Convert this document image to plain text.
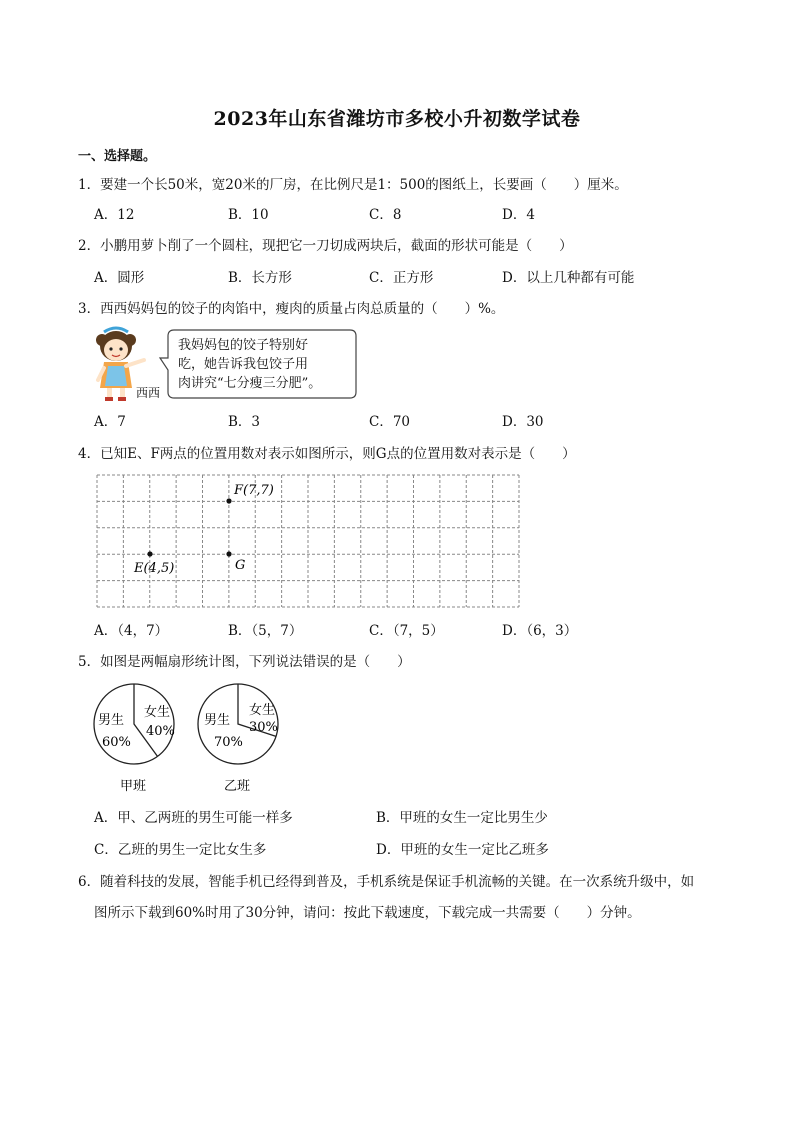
2023年山东省潍坊市多校小升初数学试卷
一、选择题。
1．要建一个长50米，宽20米的厂房，在比例尺是1：500的图纸上，长要画（　　）厘米。
A．12	B．10	C．8	D．4
2．小鹏用萝卜削了一个圆柱，现把它一刀切成两块后，截面的形状可能是（　　）
A．圆形	B．长方形	C．正方形	D．以上几种都有可能
3．西西妈妈包的饺子的肉馅中，瘦肉的质量占肉总质量的（　　）%。
西西
我妈妈包的饺子特别好
吃，她告诉我包饺子用
肉讲究“七分瘦三分肥”。
A．7	B．3	C．70	D．30
4．已知E、F两点的位置用数对表示如图所示，则G点的位置用数对表示是（　　）
E(4,5)
F(7,7)
G
A．（4，7）	B．（5，7）	C．（7，5）	D．（6，3）
5．如图是两幅扇形统计图，下列说法错误的是（　　）
男生
60%
女生
40%
男生
70%
女生
30%
甲班	乙班
A．甲、乙两班的男生可能一样多	B．甲班的女生一定比男生少
C．乙班的男生一定比女生多	D．甲班的女生一定比乙班多
6．随着科技的发展，智能手机已经得到普及，手机系统是保证手机流畅的关键。在一次系统升级中，如
图所示下载到60%时用了30分钟，请问：按此下载速度，下载完成一共需要（　　）分钟。
